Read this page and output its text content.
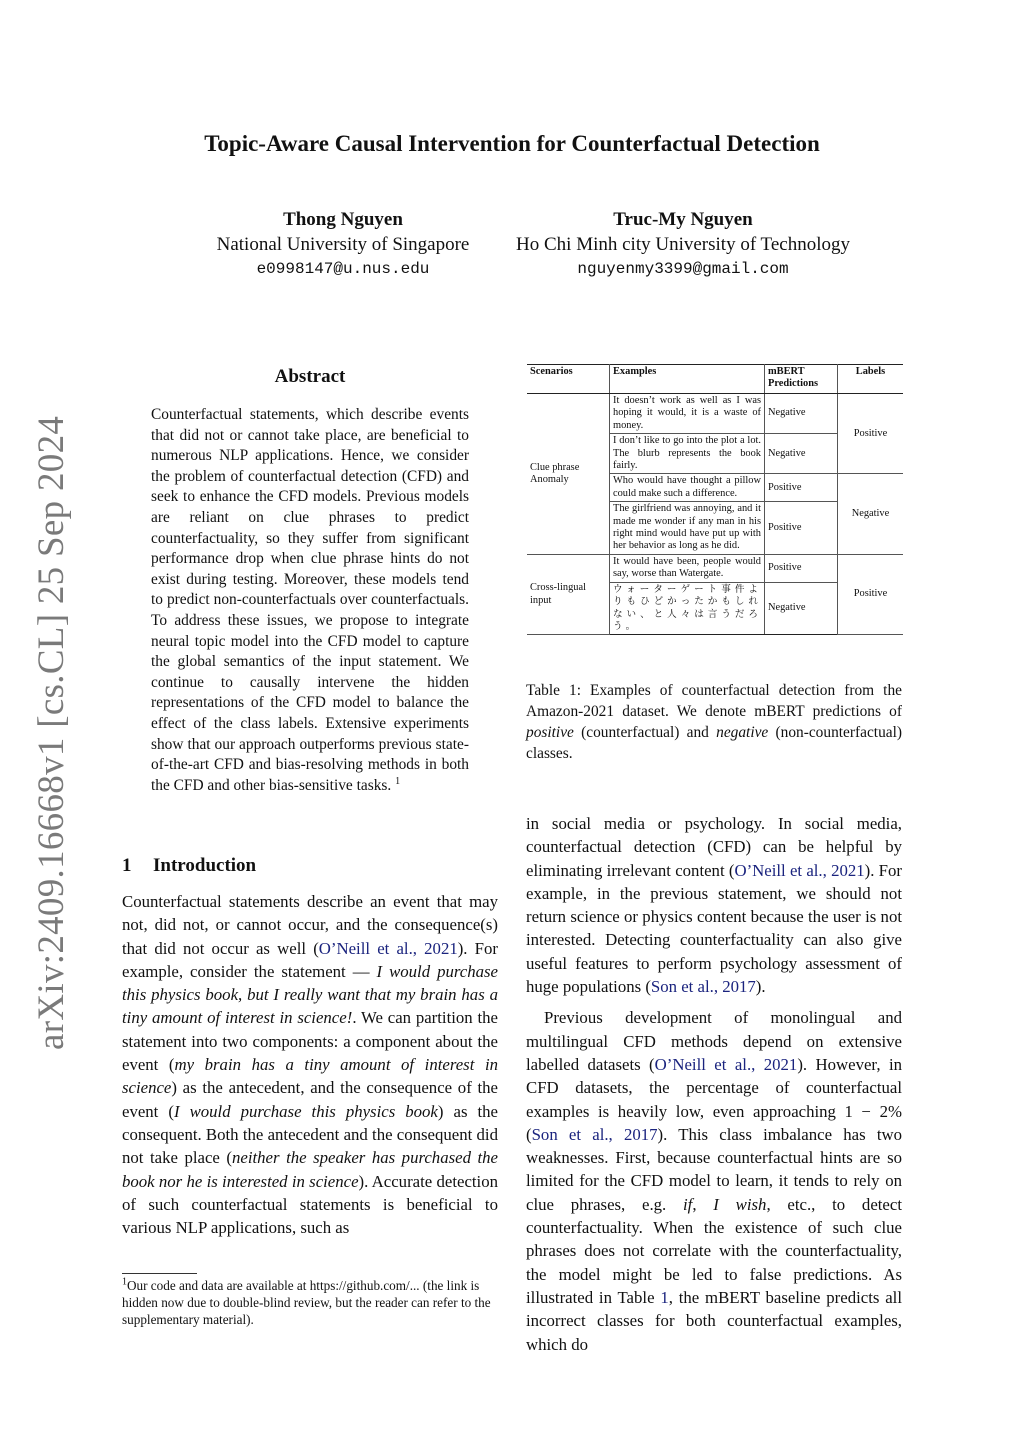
arXiv:2409.16668v1 [cs.CL] 25 Sep 2024
Topic-Aware Causal Intervention for Counterfactual Detection
Thong Nguyen
National University of Singapore
e0998147@u.nus.edu
Truc-My Nguyen
Ho Chi Minh city University of Technology
nguyenmy3399@gmail.com
Abstract
Counterfactual statements, which describe events that did not or cannot take place, are beneficial to numerous NLP applications. Hence, we consider the problem of counterfactual detection (CFD) and seek to enhance the CFD models. Previous models are reliant on clue phrases to predict counterfactuality, so they suffer from significant performance drop when clue phrase hints do not exist during testing. Moreover, these models tend to predict non-counterfactuals over counterfactuals. To address these issues, we propose to integrate neural topic model into the CFD model to capture the global semantics of the input statement. We continue to causally intervene the hidden representations of the CFD model to balance the effect of the class labels. Extensive experiments show that our approach outperforms previous state-of-the-art CFD and bias-resolving methods in both the CFD and other bias-sensitive tasks. $^1$
1 Introduction
Counterfactual statements describe an event that may not, did not, or cannot occur, and the consequence(s) that did not occur as well (O’Neill et al., 2021). For example, consider the statement — I would purchase this physics book, but I really want that my brain has a tiny amount of interest in science!. We can partition the statement into two components: a component about the event (my brain has a tiny amount of interest in science) as the antecedent, and the consequence of the event (I would purchase this physics book) as the consequent. Both the antecedent and the consequent did not take place (neither the speaker has purchased the book nor he is interested in science). Accurate detection of such counterfactual statements is beneficial to various NLP applications, such as
$^1$Our code and data are available at https://github.com/... (the link is hidden now due to double-blind review, but the reader can refer to the supplementary material).
Scenarios	Examples	mBERT Predictions	Labels
Clue phrase Anomaly	It doesn’t work as well as I was hoping it would, it is a waste of money.	Negative	Positive
	I don’t like to go into the plot a lot. The blurb represents the book fairly.	Negative	
	Who would have thought a pillow could make such a difference.	Positive	Negative
	The girlfriend was annoying, and it made me wonder if any man in his right mind would have put up with her behavior as long as he did.	Positive	
Cross-lingual input	It would have been, people would say, worse than Watergate.	Positive	Positive
	ウォーターゲート事件よりもひどかったかもしれない、と人々は言うだろう。	Negative	
Table 1: Examples of counterfactual detection from the Amazon-2021 dataset. We denote mBERT predictions of positive (counterfactual) and negative (non-counterfactual) classes.

in social media or psychology. In social media, counterfactual detection (CFD) can be helpful by eliminating irrelevant content (O’Neill et al., 2021). For example, in the previous statement, we should not return science or physics content because the user is not interested. Detecting counterfactuality can also give useful features to perform psychology assessment of huge populations (Son et al., 2017).

Previous development of monolingual and multilingual CFD methods depend on extensive labelled datasets (O’Neill et al., 2021). However, in CFD datasets, the percentage of counterfactual examples is heavily low, even approaching 1 − 2% (Son et al., 2017). This class imbalance has two weaknesses. First, because counterfactual hints are so limited for the CFD model to learn, it tends to rely on clue phrases, e.g. if, I wish, etc., to detect counterfactuality. When the existence of such clue phrases does not correlate with the counterfactuality, the model might be led to false predictions. As illustrated in Table 1, the mBERT baseline predicts all incorrect classes for both counterfactual examples, which do
